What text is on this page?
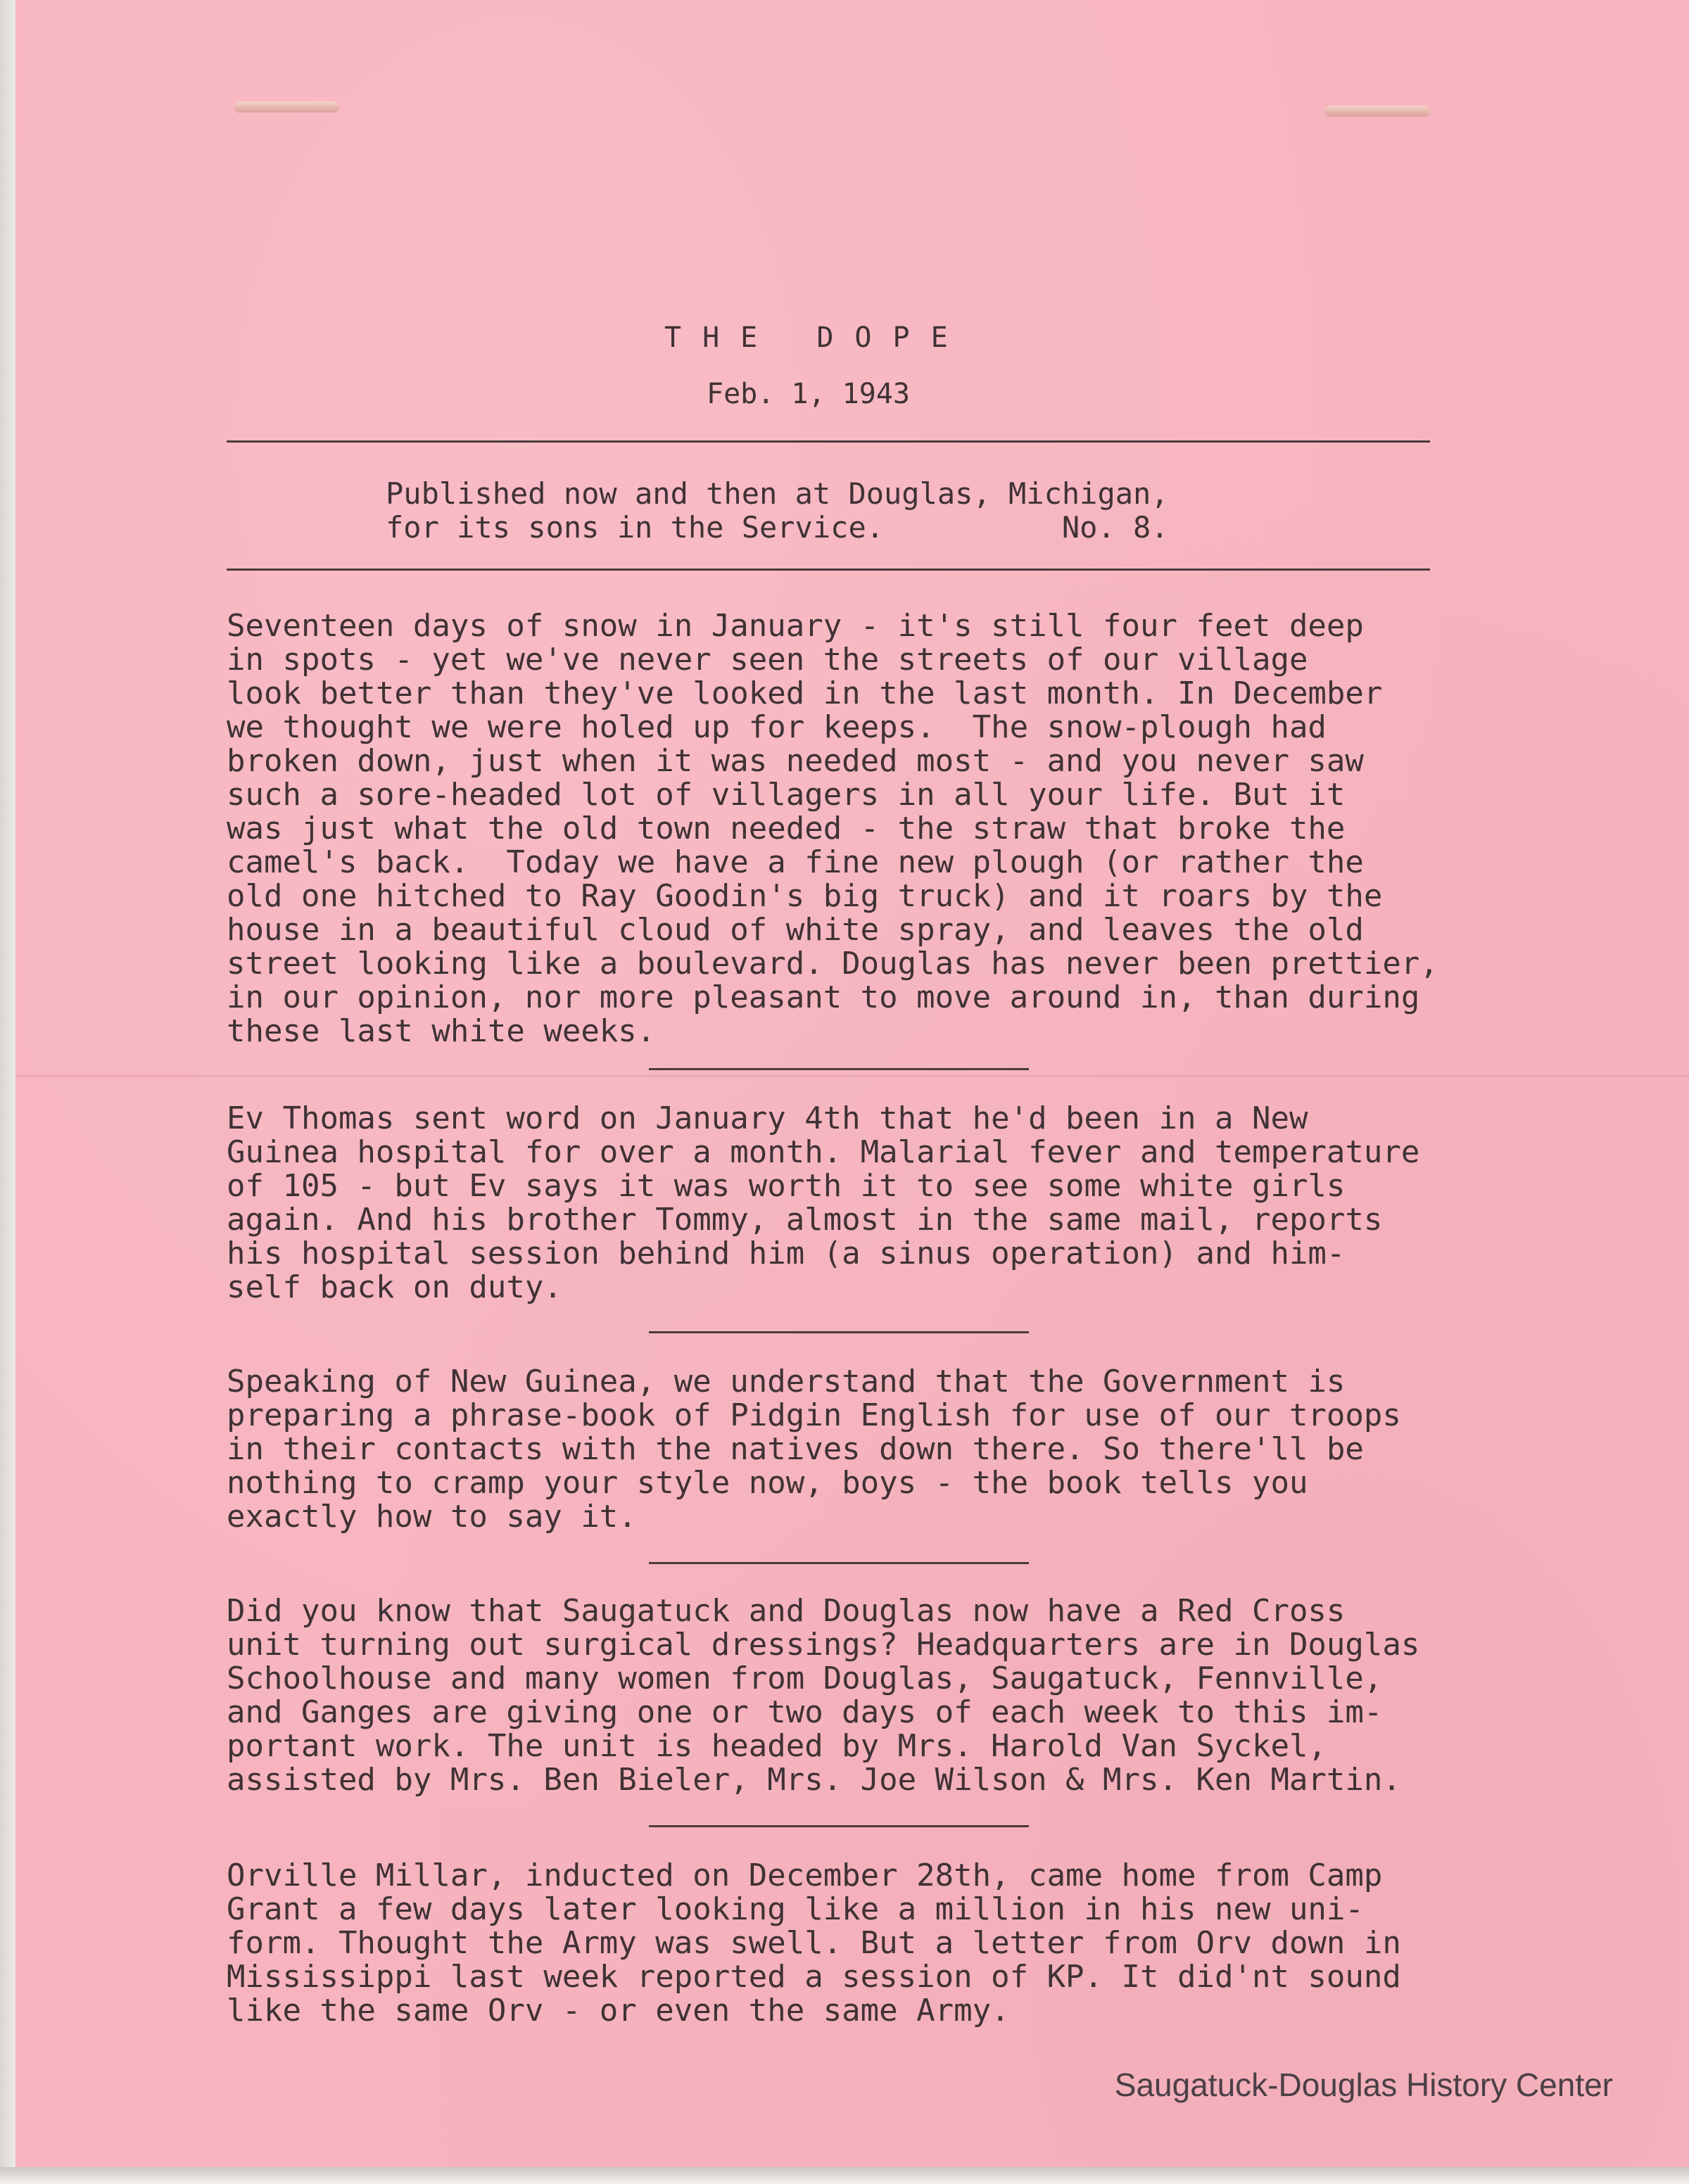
THE DOPE

Feb. 1, 1943

Published now and then at Douglas, Michigan,
for its sons in the Service.          No. 8.

Seventeen days of snow in January - it's still four feet deep
in spots - yet we've never seen the streets of our village
look better than they've looked in the last month. In December
we thought we were holed up for keeps.  The snow-plough had
broken down, just when it was needed most - and you never saw
such a sore-headed lot of villagers in all your life. But it
was just what the old town needed - the straw that broke the
camel's back.  Today we have a fine new plough (or rather the
old one hitched to Ray Goodin's big truck) and it roars by the
house in a beautiful cloud of white spray, and leaves the old
street looking like a boulevard. Douglas has never been prettier,
in our opinion, nor more pleasant to move around in, than during
these last white weeks.

Ev Thomas sent word on January 4th that he'd been in a New
Guinea hospital for over a month. Malarial fever and temperature
of 105 - but Ev says it was worth it to see some white girls
again. And his brother Tommy, almost in the same mail, reports
his hospital session behind him (a sinus operation) and him-
self back on duty.

Speaking of New Guinea, we understand that the Government is
preparing a phrase-book of Pidgin English for use of our troops
in their contacts with the natives down there. So there'll be
nothing to cramp your style now, boys - the book tells you
exactly how to say it.

Did you know that Saugatuck and Douglas now have a Red Cross
unit turning out surgical dressings? Headquarters are in Douglas
Schoolhouse and many women from Douglas, Saugatuck, Fennville,
and Ganges are giving one or two days of each week to this im-
portant work. The unit is headed by Mrs. Harold Van Syckel,
assisted by Mrs. Ben Bieler, Mrs. Joe Wilson & Mrs. Ken Martin.

Orville Millar, inducted on December 28th, came home from Camp
Grant a few days later looking like a million in his new uni-
form. Thought the Army was swell. But a letter from Orv down in
Mississippi last week reported a session of KP. It did'nt sound
like the same Orv - or even the same Army.

Saugatuck-Douglas History Center
